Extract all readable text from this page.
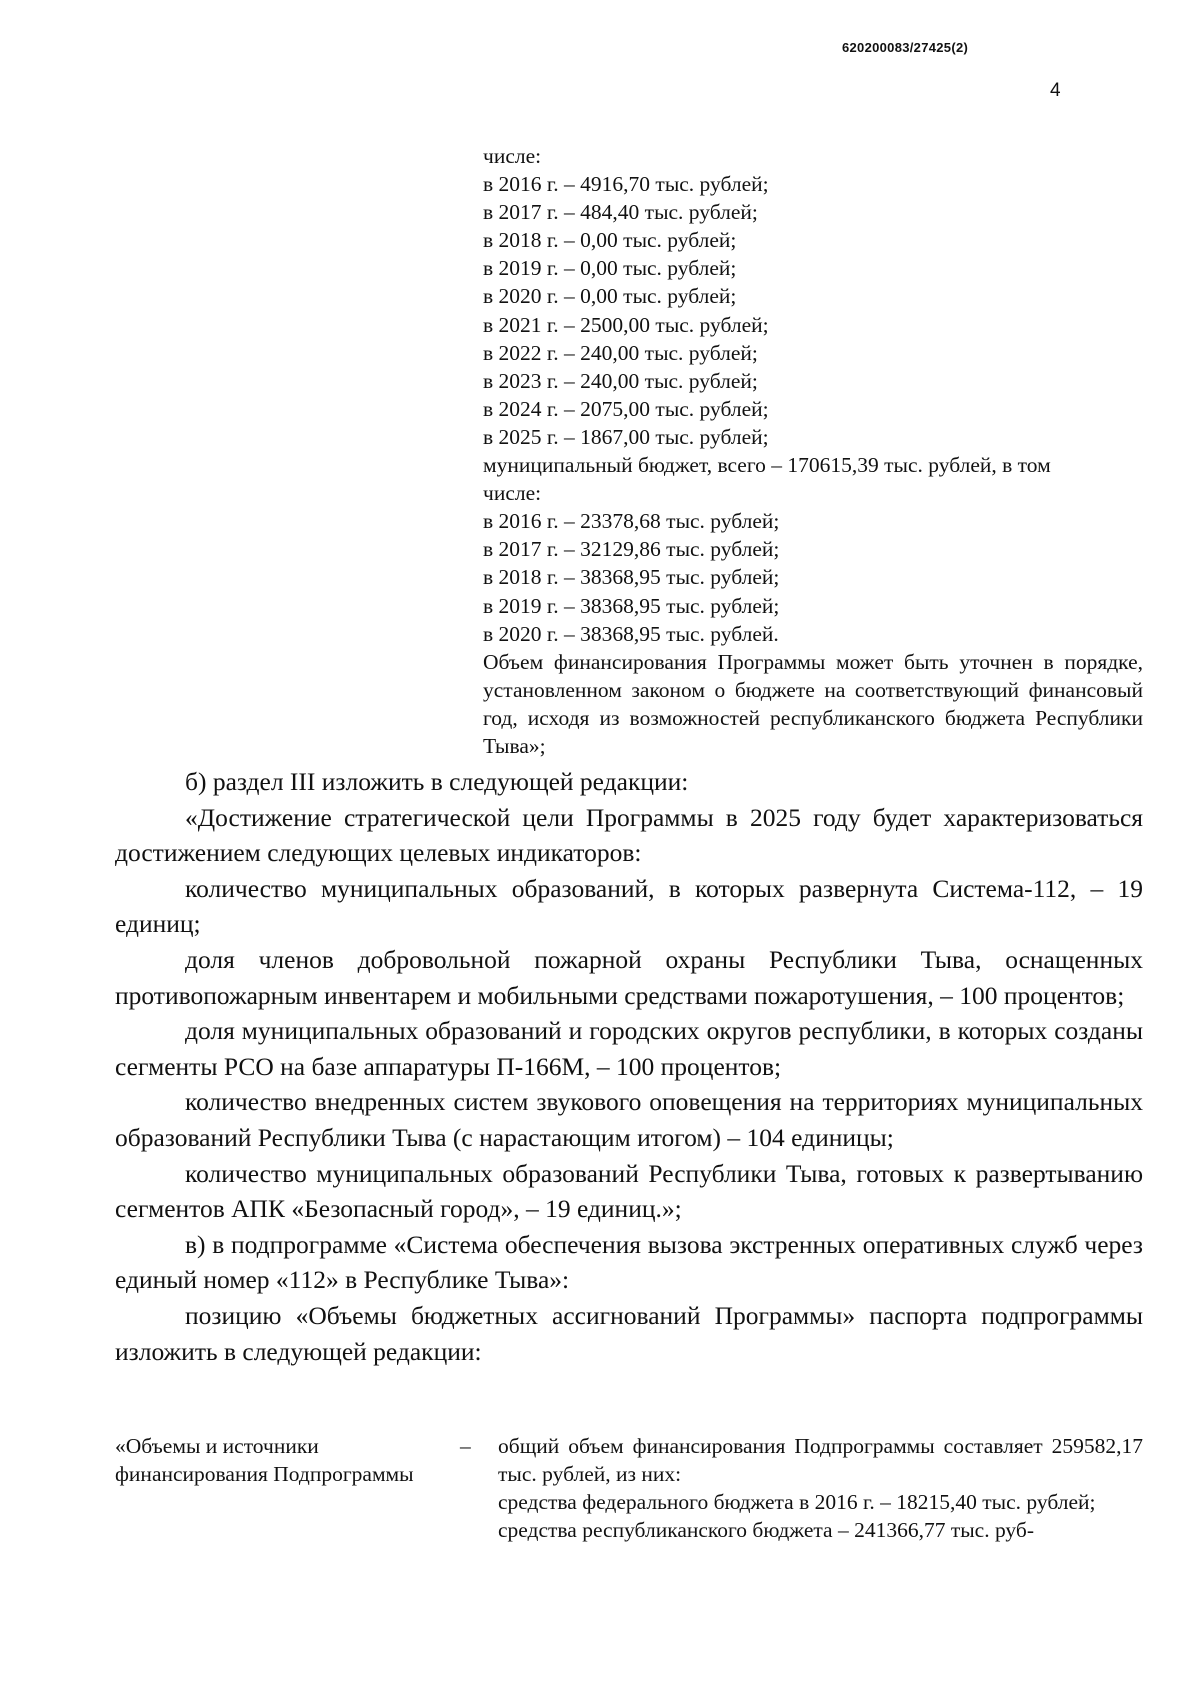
620200083/27425(2)
4
числе:
в 2016 г. – 4916,70 тыс. рублей;
в 2017 г. – 484,40 тыс. рублей;
в 2018 г. – 0,00 тыс. рублей;
в 2019 г. – 0,00 тыс. рублей;
в 2020 г. – 0,00 тыс. рублей;
в 2021 г. – 2500,00 тыс. рублей;
в 2022 г. – 240,00 тыс. рублей;
в 2023 г. – 240,00 тыс. рублей;
в 2024 г. – 2075,00 тыс. рублей;
в 2025 г. – 1867,00 тыс. рублей;
муниципальный бюджет, всего – 170615,39 тыс. рублей, в том
числе:
в 2016 г. – 23378,68 тыс. рублей;
в 2017 г. – 32129,86 тыс. рублей;
в 2018 г. – 38368,95 тыс. рублей;
в 2019 г. – 38368,95 тыс. рублей;
в 2020 г. – 38368,95 тыс. рублей.
Объем финансирования Программы может быть уточнен в порядке, установленном законом о бюджете на соответствующий финансовый год, исходя из возможностей республиканского бюджета Республики Тыва»;

б) раздел III изложить в следующей редакции:

«Достижение стратегической цели Программы в 2025 году будет характеризоваться достижением следующих целевых индикаторов:

количество муниципальных образований, в которых развернута Система-112, – 19 единиц;

доля членов добровольной пожарной охраны Республики Тыва, оснащенных противопожарным инвентарем и мобильными средствами пожаротушения, – 100 процентов;

доля муниципальных образований и городских округов республики, в которых созданы сегменты РСО на базе аппаратуры П-166М, – 100 процентов;

количество внедренных систем звукового оповещения на территориях муниципальных образований Республики Тыва (с нарастающим итогом) – 104 единицы;

количество муниципальных образований Республики Тыва, готовых к развертыванию сегментов АПК «Безопасный город», – 19 единиц.»;

в) в подпрограмме «Система обеспечения вызова экстренных оперативных служб через единый номер «112» в Республике Тыва»:

позицию «Объемы бюджетных ассигнований Программы» паспорта подпрограммы изложить в следующей редакции:

«Объемы и источники финансирования Подпрограммы
–	общий объем финансирования Подпрограммы составляет 259582,17 тыс. рублей, из них:
средства федерального бюджета в 2016 г. – 18215,40 тыс. рублей;
средства республиканского бюджета – 241366,77 тыс. руб-
